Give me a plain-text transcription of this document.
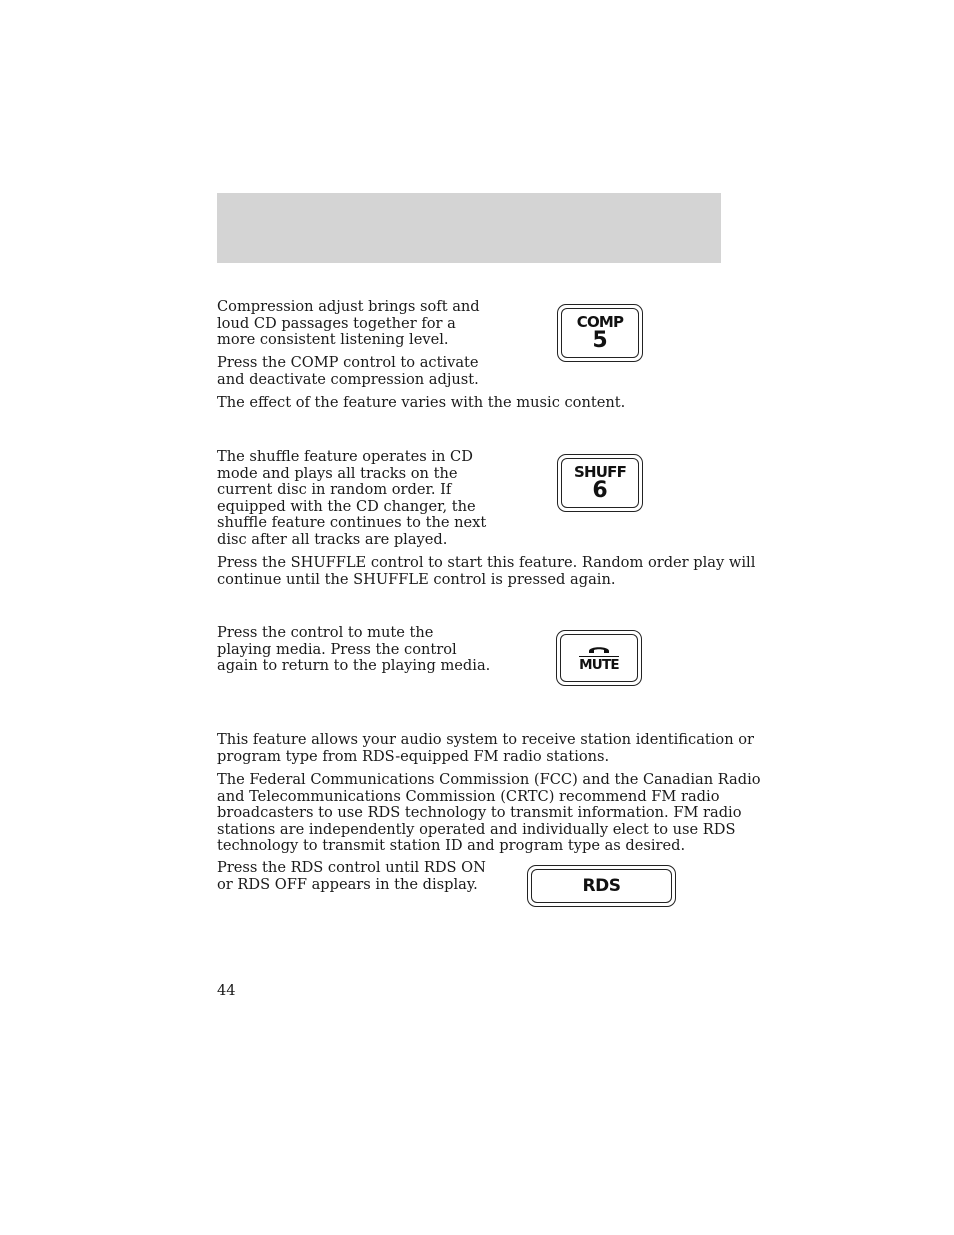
Compression adjust brings soft and
loud CD passages together for a
more consistent listening level.

Press the COMP control to activate
and deactivate compression adjust.

The effect of the feature varies with the music content.

COMP
5

The shuffle feature operates in CD
mode and plays all tracks on the
current disc in random order. If
equipped with the CD changer, the
shuffle feature continues to the next
disc after all tracks are played.

Press the SHUFFLE control to start this feature. Random order play will
continue until the SHUFFLE control is pressed again.

SHUFF
6

Press the control to mute the
playing media. Press the control
again to return to the playing media.	MUTE

This feature allows your audio system to receive station identification or
program type from RDS-equipped FM radio stations.

The Federal Communications Commission (FCC) and the Canadian Radio
and Telecommunications Commission (CRTC) recommend FM radio
broadcasters to use RDS technology to transmit information. FM radio
stations are independently operated and individually elect to use RDS
technology to transmit station ID and program type as desired.

Press the RDS control until RDS ON
or RDS OFF appears in the display.	RDS
44
